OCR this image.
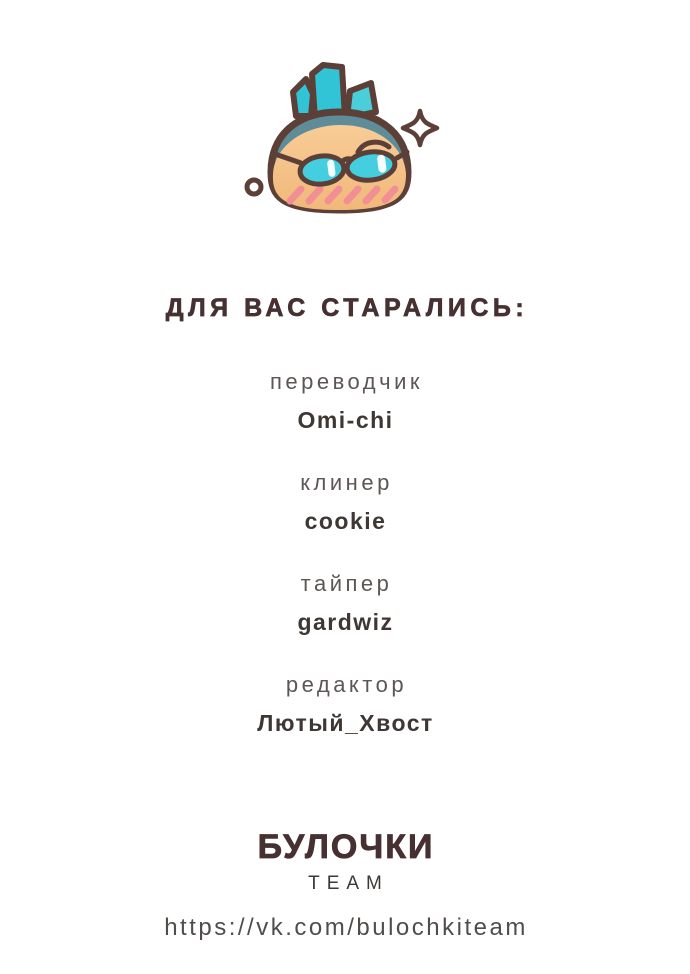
ДЛЯ ВАС СТАРАЛИСЬ:
переводчик
Omi-chi
клинер
cookie
тайпер
gardwiz
редактор
Лютый_Хвост
БУЛОЧКИ
TEAM
https://vk.com/bulochkiteam
